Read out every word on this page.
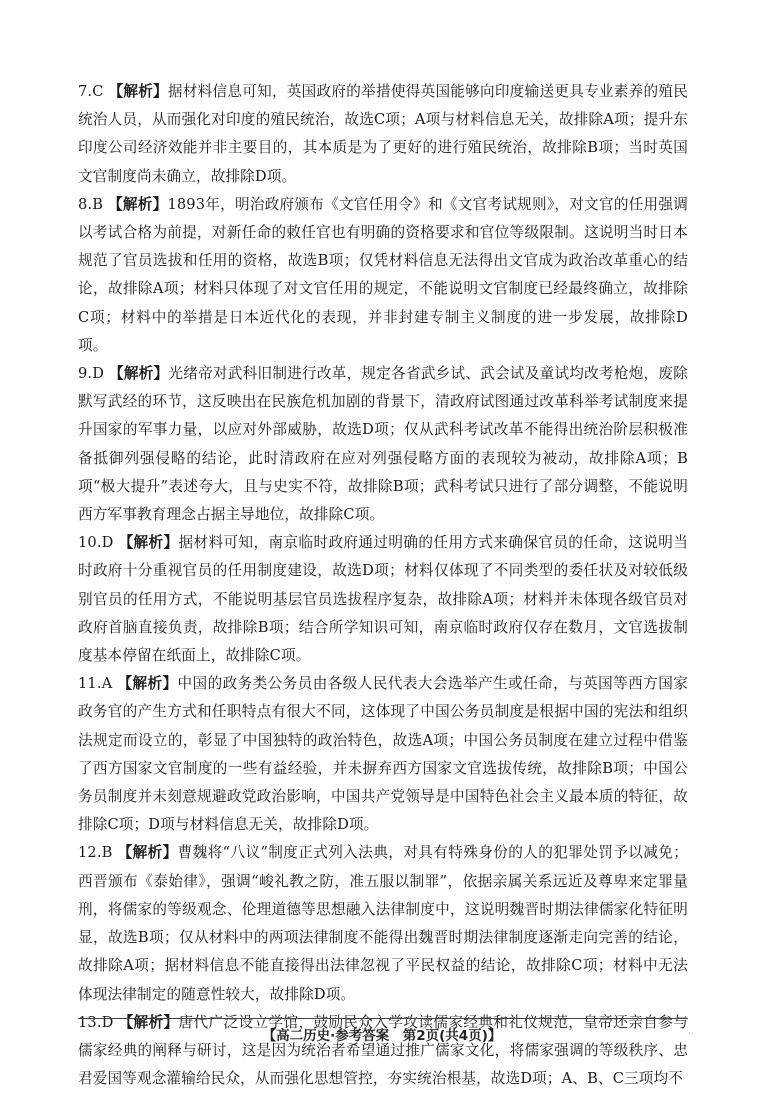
7.C 【解析】据材料信息可知，英国政府的举措使得英国能够向印度输送更具专业素养的殖民统治人员，从而强化对印度的殖民统治，故选C项；A项与材料信息无关，故排除A项；提升东印度公司经济效能并非主要目的，其本质是为了更好的进行殖民统治，故排除B项；当时英国文官制度尚未确立，故排除D项。

8.B 【解析】1893年，明治政府颁布《文官任用令》和《文官考试规则》，对文官的任用强调以考试合格为前提，对新任命的敕任官也有明确的资格要求和官位等级限制。这说明当时日本规范了官员选拔和任用的资格，故选B项；仅凭材料信息无法得出文官成为政治改革重心的结论，故排除A项；材料只体现了对文官任用的规定，不能说明文官制度已经最终确立，故排除C项；材料中的举措是日本近代化的表现，并非封建专制主义制度的进一步发展，故排除D项。

9.D 【解析】光绪帝对武科旧制进行改革，规定各省武乡试、武会试及童试均改考枪炮，废除默写武经的环节，这反映出在民族危机加剧的背景下，清政府试图通过改革科举考试制度来提升国家的军事力量，以应对外部威胁，故选D项；仅从武科考试改革不能得出统治阶层积极准备抵御列强侵略的结论，此时清政府在应对列强侵略方面的表现较为被动，故排除A项；B项“极大提升”表述夸大，且与史实不符，故排除B项；武科考试只进行了部分调整，不能说明西方军事教育理念占据主导地位，故排除C项。

10.D 【解析】据材料可知，南京临时政府通过明确的任用方式来确保官员的任命，这说明当时政府十分重视官员的任用制度建设，故选D项；材料仅体现了不同类型的委任状及对较低级别官员的任用方式，不能说明基层官员选拔程序复杂，故排除A项；材料并未体现各级官员对政府首脑直接负责，故排除B项；结合所学知识可知，南京临时政府仅存在数月，文官选拔制度基本停留在纸面上，故排除C项。

11.A 【解析】中国的政务类公务员由各级人民代表大会选举产生或任命，与英国等西方国家政务官的产生方式和任职特点有很大不同，这体现了中国公务员制度是根据中国的宪法和组织法规定而设立的，彰显了中国独特的政治特色，故选A项；中国公务员制度在建立过程中借鉴了西方国家文官制度的一些有益经验，并未摒弃西方国家文官选拔传统，故排除B项；中国公务员制度并未刻意规避政党政治影响，中国共产党领导是中国特色社会主义最本质的特征，故排除C项；D项与材料信息无关，故排除D项。

12.B 【解析】曹魏将“八议”制度正式列入法典，对具有特殊身份的人的犯罪处罚予以减免；西晋颁布《泰始律》，强调“峻礼教之防，准五服以制罪”，依据亲属关系远近及尊卑来定罪量刑，将儒家的等级观念、伦理道德等思想融入法律制度中，这说明魏晋时期法律儒家化特征明显，故选B项；仅从材料中的两项法律制度不能得出魏晋时期法律制度逐渐走向完善的结论，故排除A项；据材料信息不能直接得出法律忽视了平民权益的结论，故排除C项；材料中无法体现法律制定的随意性较大，故排除D项。

13.D 【解析】唐代广泛设立学馆，鼓励民众入学攻读儒家经典和礼仪规范，皇帝还亲自参与儒家经典的阐释与研讨，这是因为统治者希望通过推广儒家文化，将儒家强调的等级秩序、忠君爱国等观念灌输给民众，从而强化思想管控，夯实统治根基，故选D项；A、B、C三项均不

【高二历史·参考答案　第2页(共4页)】	..
